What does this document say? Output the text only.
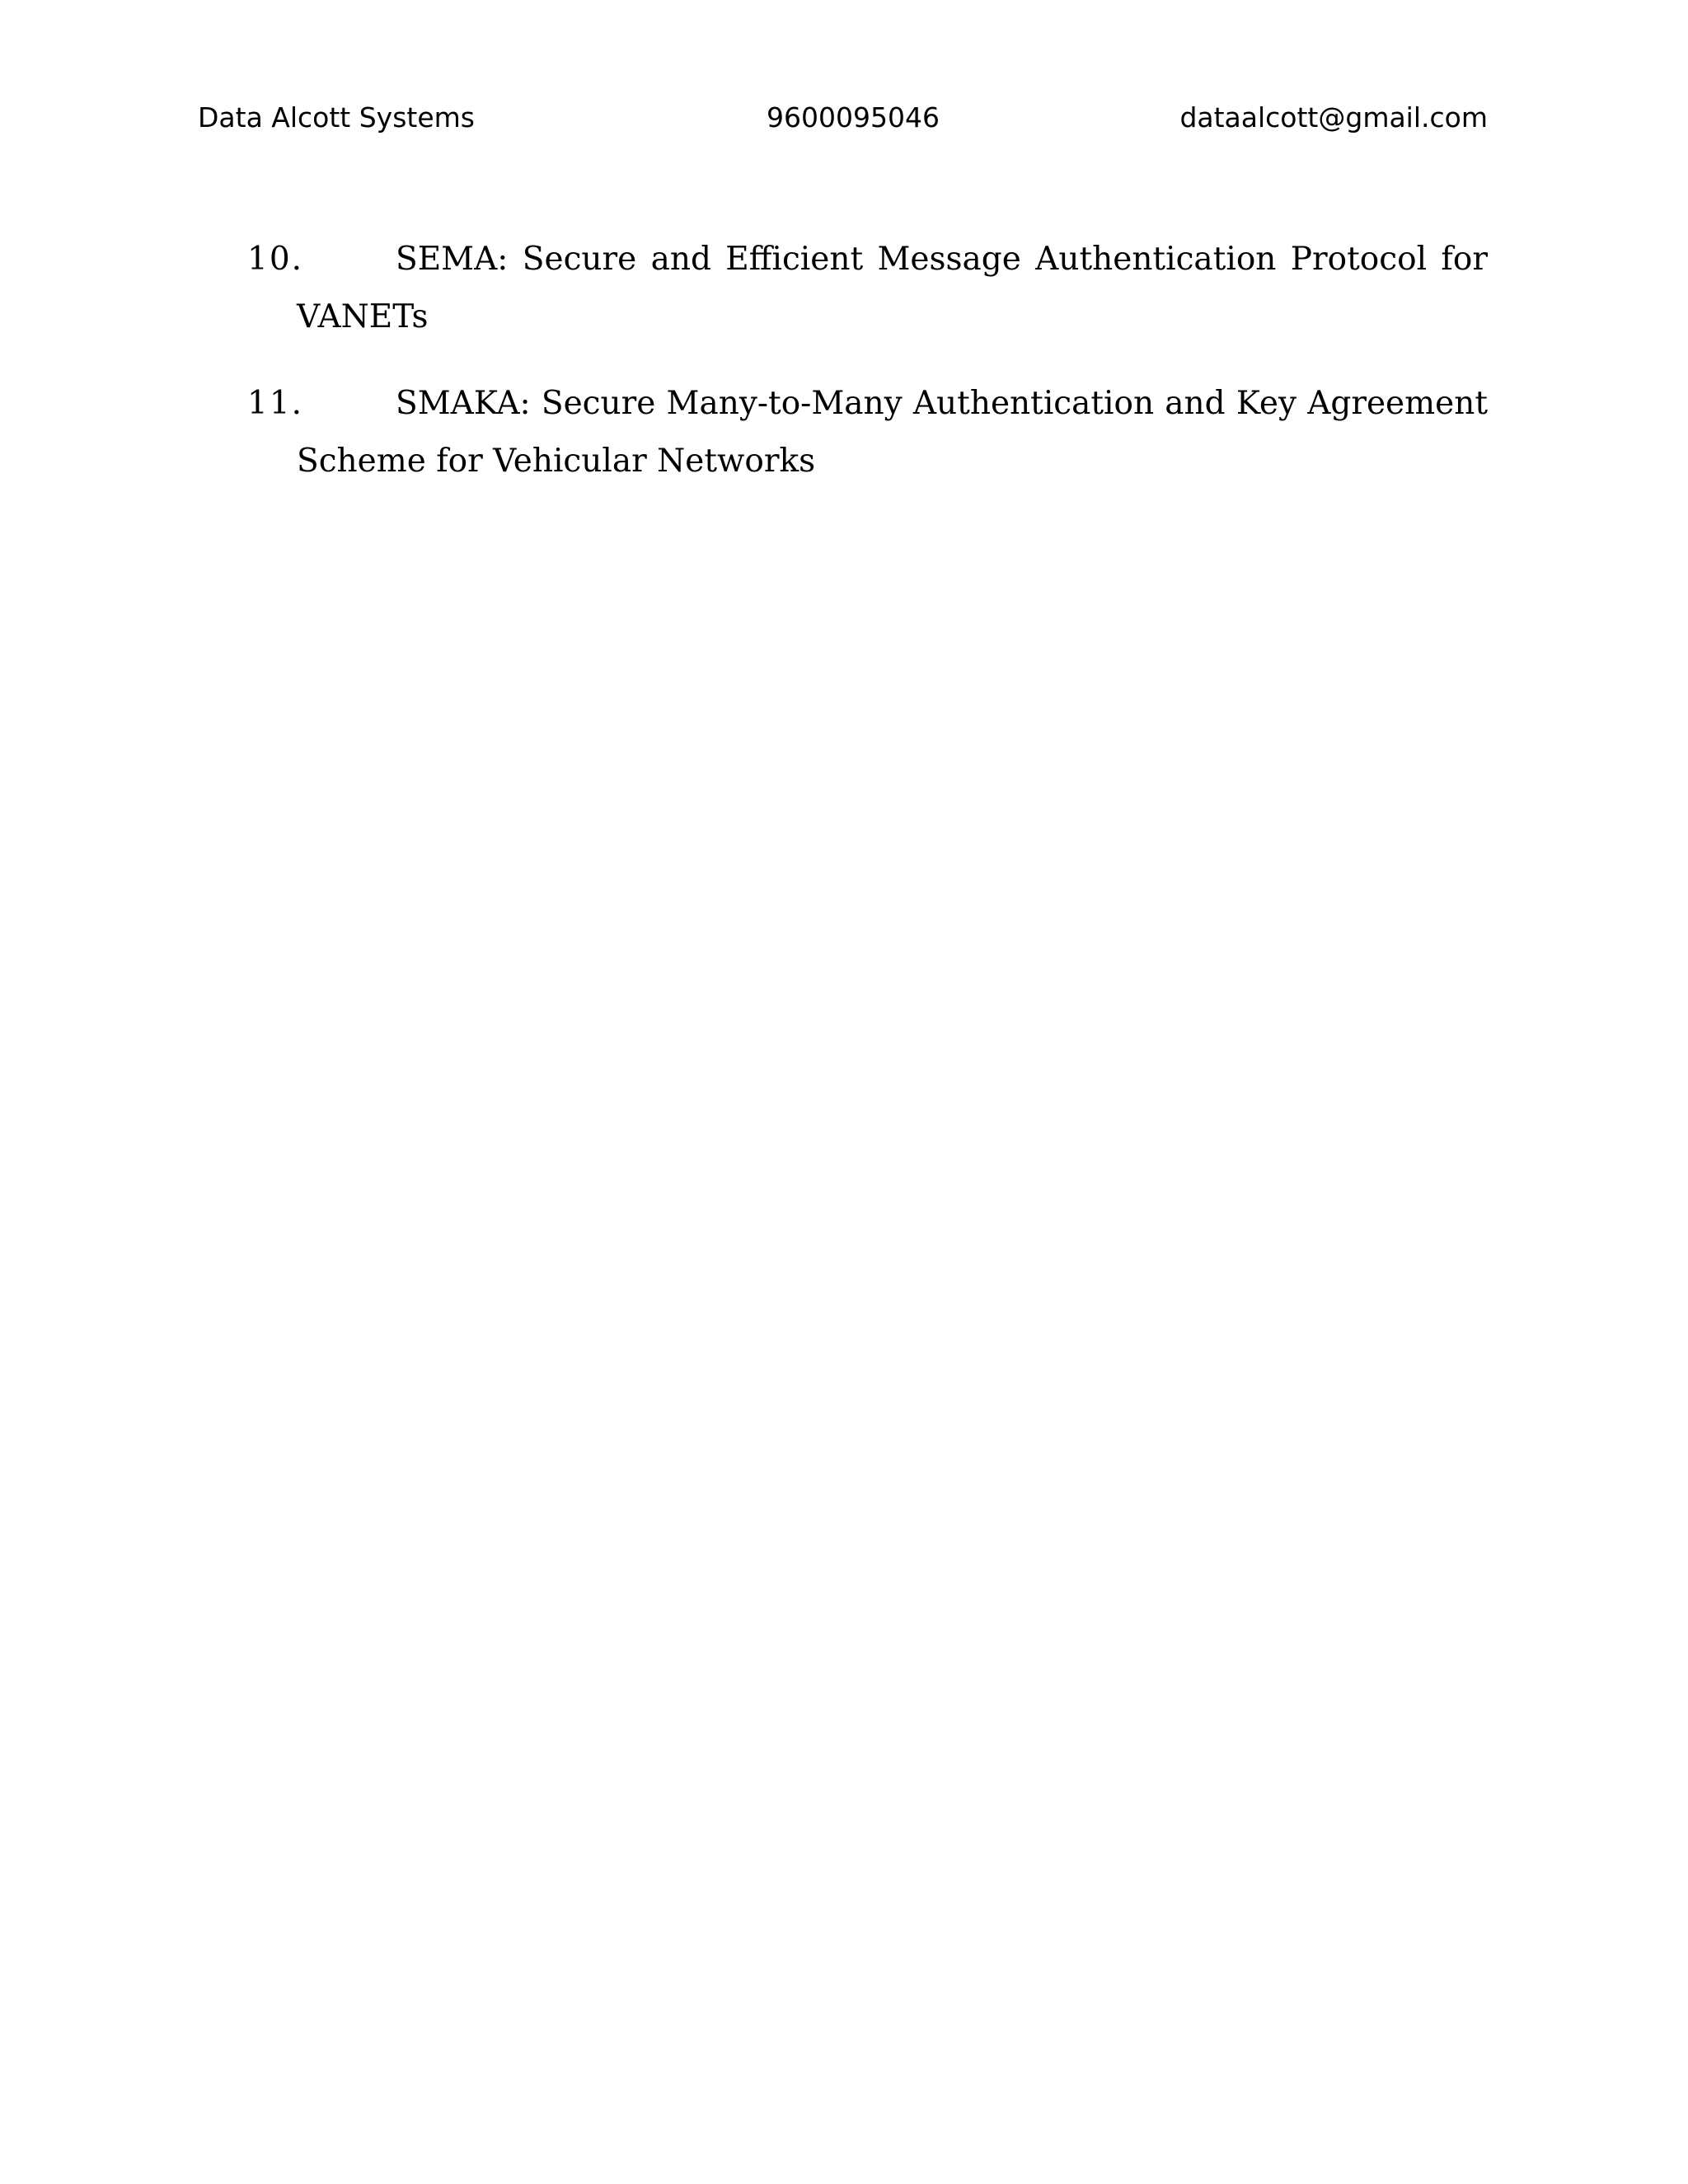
Data Alcott Systems	9600095046	dataalcott@gmail.com
10.	SEMA: Secure and Efficient Message Authentication Protocol for VANETs
11.	SMAKA: Secure Many-to-Many Authentication and Key Agreement Scheme for Vehicular Networks
